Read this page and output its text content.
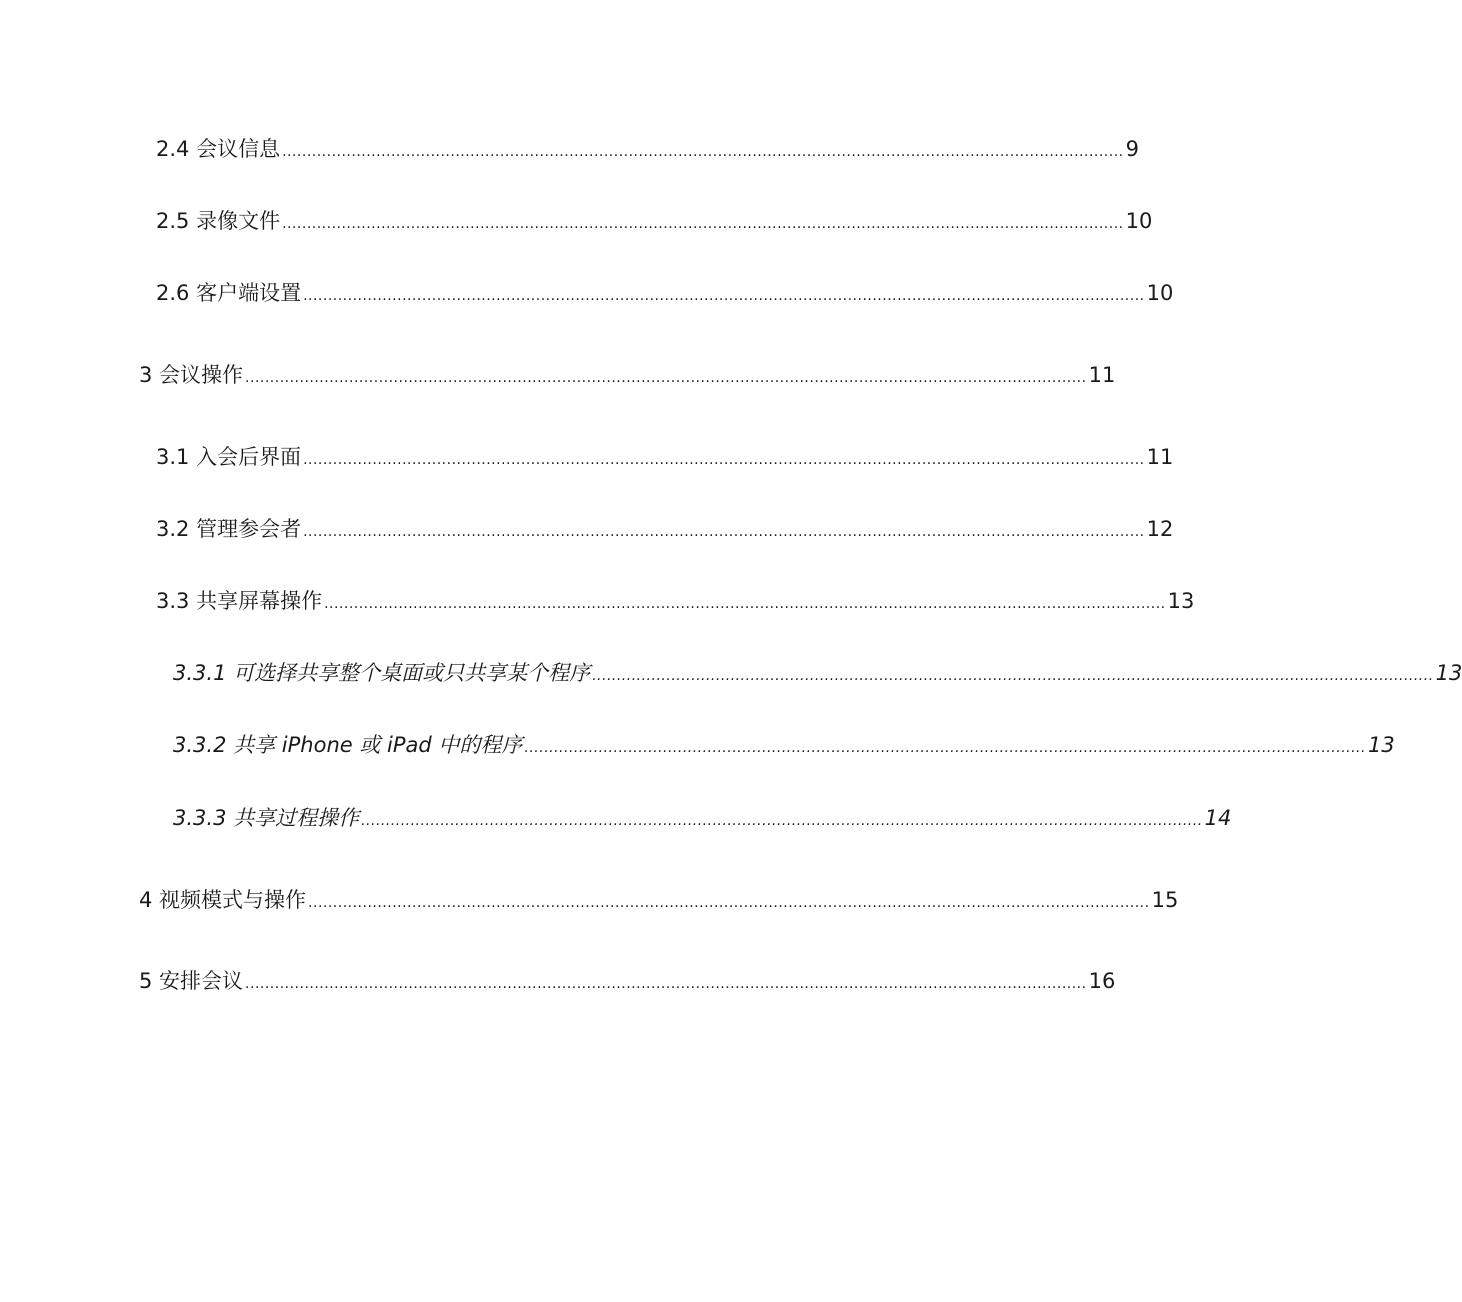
2.4 会议信息 .......................................................................................................................................................................... 9
2.5 录像文件 .......................................................................................................................................................................... 10
2.6 客户端设置 .......................................................................................................................................................................... 10
3 会议操作 .......................................................................................................................................................................... 11
3.1 入会后界面 .......................................................................................................................................................................... 11
3.2 管理参会者 .......................................................................................................................................................................... 12
3.3 共享屏幕操作 .......................................................................................................................................................................... 13
3.3.1 可选择共享整个桌面或只共享某个程序 .......................................................................................................................................................................... 13
3.3.2 共享 iPhone 或 iPad 中的程序 .......................................................................................................................................................................... 13
3.3.3 共享过程操作 .......................................................................................................................................................................... 14
4 视频模式与操作 .......................................................................................................................................................................... 15
5 安排会议 .......................................................................................................................................................................... 16
